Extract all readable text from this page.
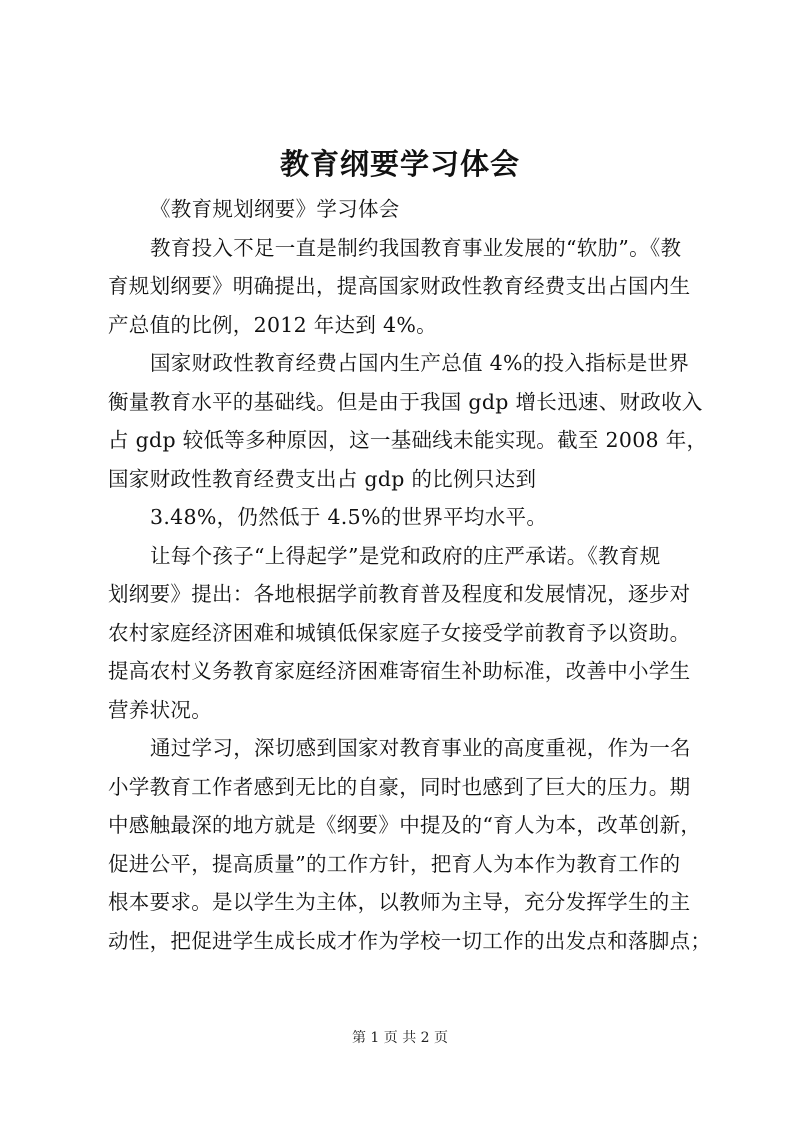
教育纲要学习体会
《教育规划纲要》学习体会
教育投入不足一直是制约我国教育事业发展的“软肋”。《教
育规划纲要》明确提出，提高国家财政性教育经费支出占国内生
产总值的比例，2012 年达到 4%。
国家财政性教育经费占国内生产总值 4%的投入指标是世界
衡量教育水平的基础线。但是由于我国 gdp 增长迅速、财政收入
占 gdp 较低等多种原因，这一基础线未能实现。截至 2008 年，
国家财政性教育经费支出占 gdp 的比例只达到
3.48%，仍然低于 4.5%的世界平均水平。
让每个孩子“上得起学”是党和政府的庄严承诺。《教育规
划纲要》提出：各地根据学前教育普及程度和发展情况，逐步对
农村家庭经济困难和城镇低保家庭子女接受学前教育予以资助。
提高农村义务教育家庭经济困难寄宿生补助标准，改善中小学生
营养状况。
通过学习，深切感到国家对教育事业的高度重视，作为一名
小学教育工作者感到无比的自豪，同时也感到了巨大的压力。期
中感触最深的地方就是《纲要》中提及的“育人为本，改革创新，
促进公平，提高质量”的工作方针，把育人为本作为教育工作的
根本要求。是以学生为主体，以教师为主导，充分发挥学生的主
动性，把促进学生成长成才作为学校一切工作的出发点和落脚点；
第 1 页 共 2 页
